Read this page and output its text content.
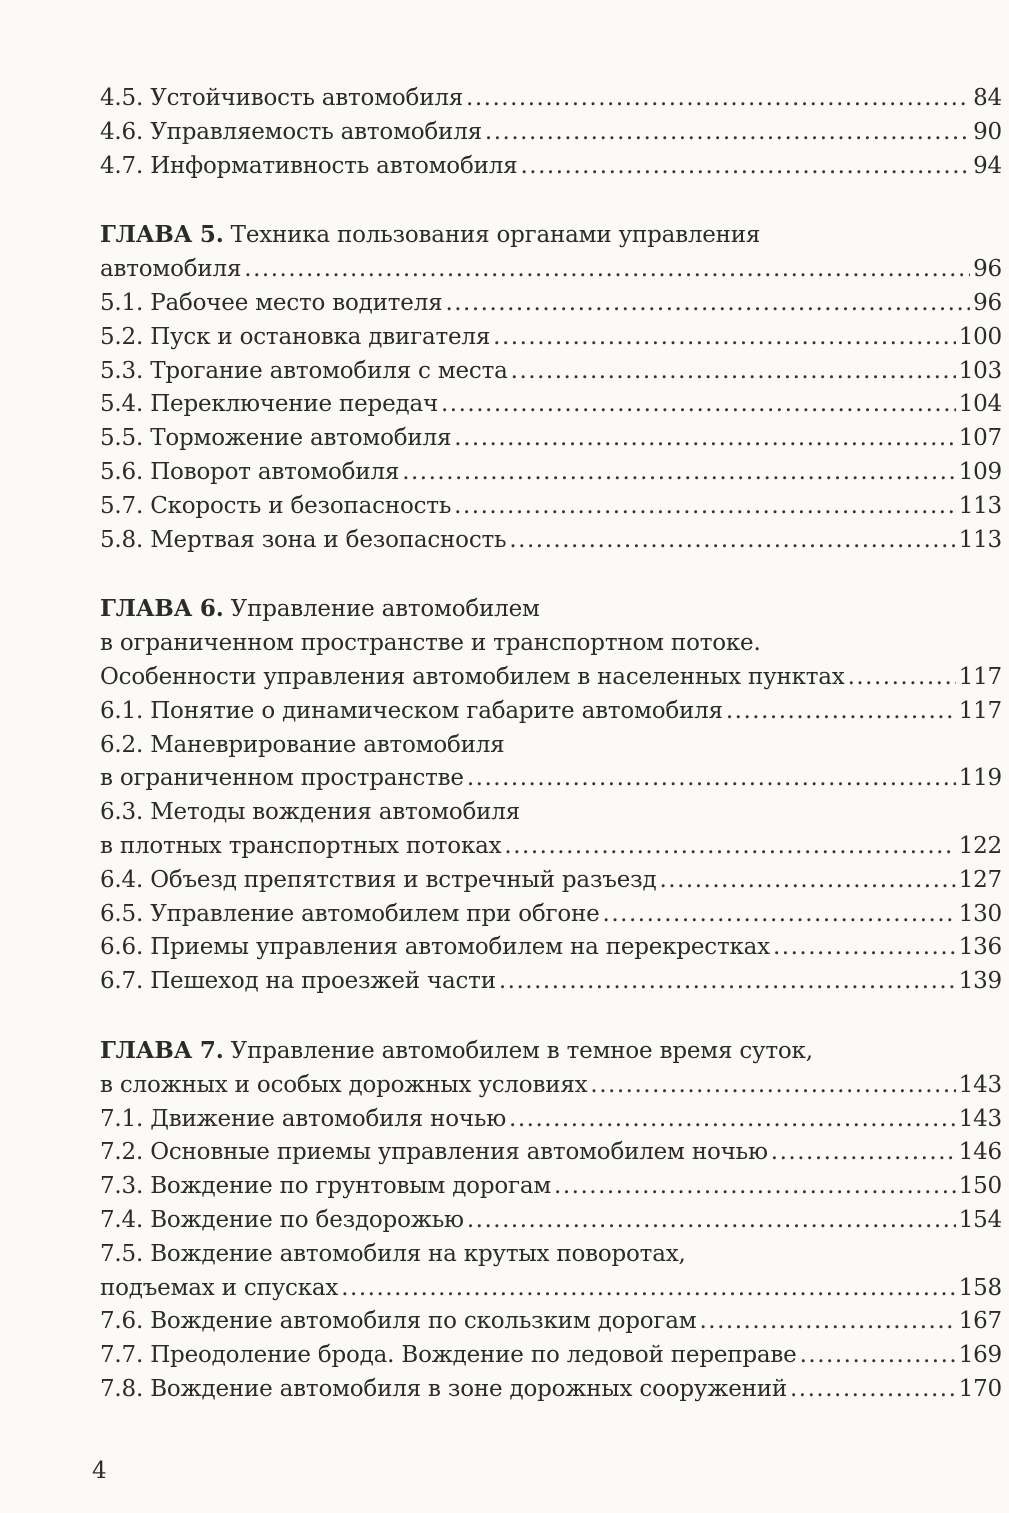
4.5. Устойчивость автомобиля .....	84
4.6. Управляемость автомобиля .....	90
4.7. Информативность автомобиля .....	94
ГЛАВА 5. Техника пользования органами управления
автомобиля .....	96
5.1. Рабочее место водителя .....	96
5.2. Пуск и остановка двигателя .....	100
5.3. Трогание автомобиля с места .....	103
5.4. Переключение передач .....	104
5.5. Торможение автомобиля .....	107
5.6. Поворот автомобиля .....	109
5.7. Скорость и безопасность .....	113
5.8. Мертвая зона и безопасность .....	113
ГЛАВА 6. Управление автомобилем
в ограниченном пространстве и транспортном потоке.
Особенности управления автомобилем в населенных пунктах .....	117
6.1. Понятие о динамическом габарите автомобиля .....	117
6.2. Маневрирование автомобиля
в ограниченном пространстве .....	119
6.3. Методы вождения автомобиля
в плотных транспортных потоках .....	122
6.4. Объезд препятствия и встречный разъезд .....	127
6.5. Управление автомобилем при обгоне .....	130
6.6. Приемы управления автомобилем на перекрестках .....	136
6.7. Пешеход на проезжей части .....	139
ГЛАВА 7. Управление автомобилем в темное время суток,
в сложных и особых дорожных условиях .....	143
7.1. Движение автомобиля ночью .....	143
7.2. Основные приемы управления автомобилем ночью .....	146
7.3. Вождение по грунтовым дорогам .....	150
7.4. Вождение по бездорожью .....	154
7.5. Вождение автомобиля на крутых поворотах,
подъемах и спусках .....	158
7.6. Вождение автомобиля по скользким дорогам .....	167
7.7. Преодоление брода. Вождение по ледовой переправе .....	169
7.8. Вождение автомобиля в зоне дорожных сооружений .....	170
4
